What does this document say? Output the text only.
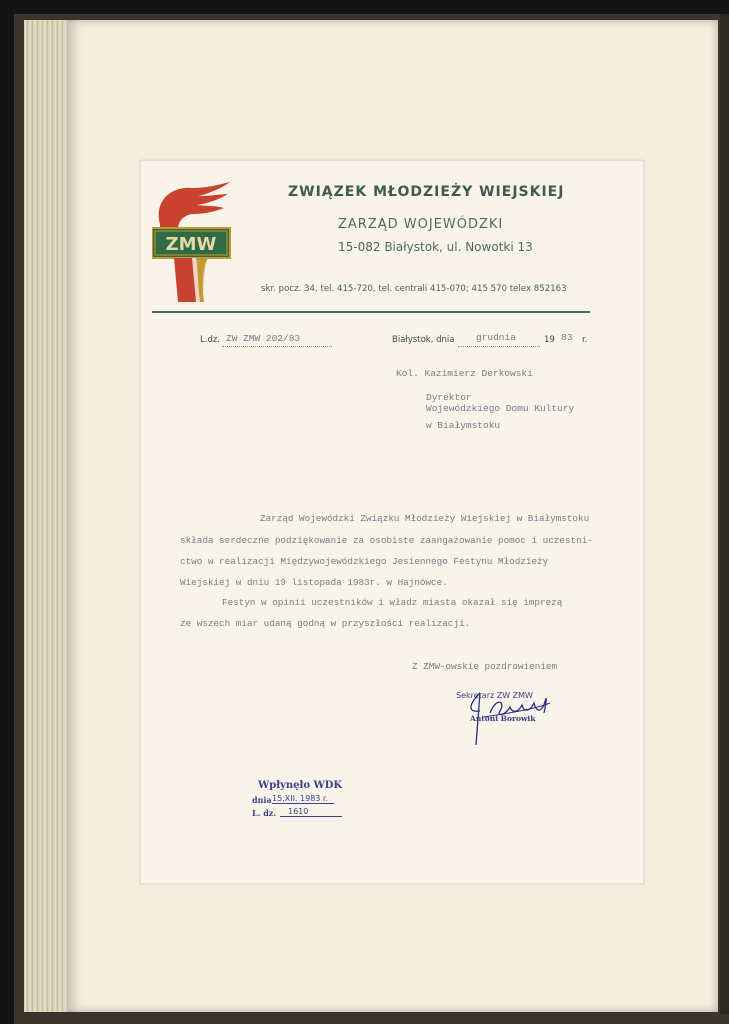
ZMW
ZWIĄZEK MŁODZIEŻY WIEJSKIEJ
ZARZĄD WOJEWÓDZKI
15-082 Białystok, ul. Nowotki 13
skr. pocz. 34, tel. 415-720, tel. centrali 415-070; 415 570 telex 852163
L.dz. ZW ZMW 202/83	Białystok, dnia grudnia	19 83 r.
Kol. Kazimierz Derkowski
Dyrektor
Wojewódzkiego Domu Kultury
w Białymstoku
Zarząd Wojewódzki Związku Młodzieży Wiejskiej w Białymstoku
składa serdeczne podziękowanie za osobiste zaangażowanie pomoc i uczestni-
ctwo w realizacji Międzywojewódzkiego Jesiennego Festynu Młodzieży
Wiejskiej w dniu 19 listopada 1983r. w Hajnówce.
Festyn w opinii uczestników i władz miasta okazał się imprezą
ze wszech miar udaną godną w przyszłości realizacji.
Z ZMW-owskie pozdrowieniem
Sekretarz ZW ZMW
Antoni Borowik
Wpłynęło WDK
dnia 15.XII. 1983 r.
L. dz.	1610
